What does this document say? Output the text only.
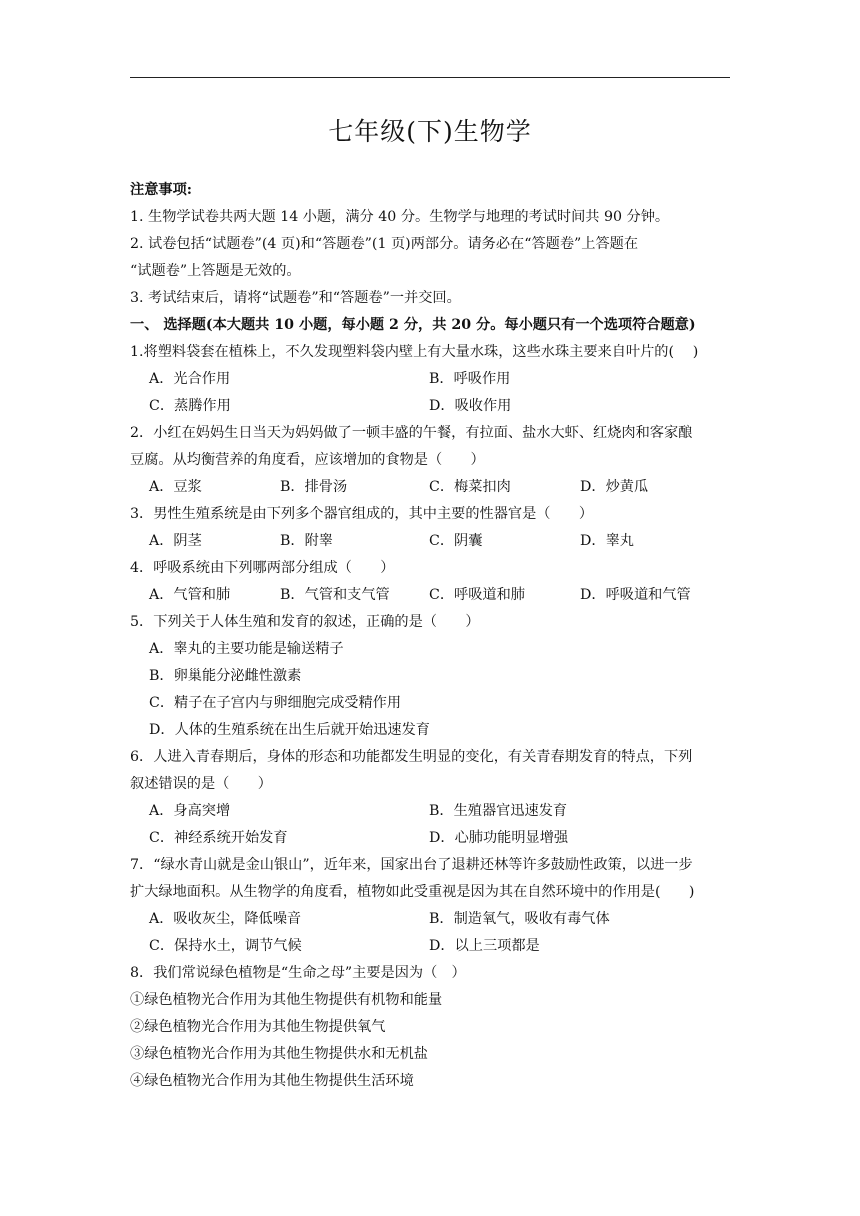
七年级(下)生物学
注意事项:
1. 生物学试卷共两大题 14 小题，满分 40 分。生物学与地理的考试时间共 90 分钟。
2. 试卷包括“试题卷”(4 页)和“答题卷”(1 页)两部分。请务必在“答题卷”上答题在
“试题卷”上答题是无效的。
3. 考试结束后，请将“试题卷”和“答题卷”一并交回。
一、 选择题(本大题共 10 小题，每小题 2 分，共 20 分。每小题只有一个选项符合题意)
1.将塑料袋套在植株上，不久发现塑料袋内壁上有大量水珠，这些水珠主要来自叶片的(　 )
A．光合作用	B．呼吸作用
C．蒸腾作用	D．吸收作用
2．小红在妈妈生日当天为妈妈做了一顿丰盛的午餐，有拉面、盐水大虾、红烧肉和客家酿
豆腐。从均衡营养的角度看，应该增加的食物是（　　）
A．豆浆	B．排骨汤	C．梅菜扣肉	D．炒黄瓜
3．男性生殖系统是由下列多个器官组成的，其中主要的性器官是（　　）
A．阴茎	B．附睾	C．阴囊	D．睾丸
4．呼吸系统由下列哪两部分组成（　　）
A．气管和肺	B．气管和支气管	C．呼吸道和肺	D．呼吸道和气管
5．下列关于人体生殖和发育的叙述，正确的是（　　）
A．睾丸的主要功能是输送精子
B．卵巢能分泌雌性激素
C．精子在子宫内与卵细胞完成受精作用
D．人体的生殖系统在出生后就开始迅速发育
6．人进入青春期后，身体的形态和功能都发生明显的变化，有关青春期发育的特点，下列
叙述错误的是（　　）
A．身高突增	B．生殖器官迅速发育
C．神经系统开始发育	D．心肺功能明显增强
7．“绿水青山就是金山银山”，近年来，国家出台了退耕还林等许多鼓励性政策，以进一步
扩大绿地面积。从生物学的角度看，植物如此受重视是因为其在自然环境中的作用是(　　)
A．吸收灰尘，降低噪音	B．制造氧气，吸收有毒气体
C．保持水土，调节气候	D．以上三项都是
8．我们常说绿色植物是“生命之母”主要是因为（　）
①绿色植物光合作用为其他生物提供有机物和能量
②绿色植物光合作用为其他生物提供氧气
③绿色植物光合作用为其他生物提供水和无机盐
④绿色植物光合作用为其他生物提供生活环境
